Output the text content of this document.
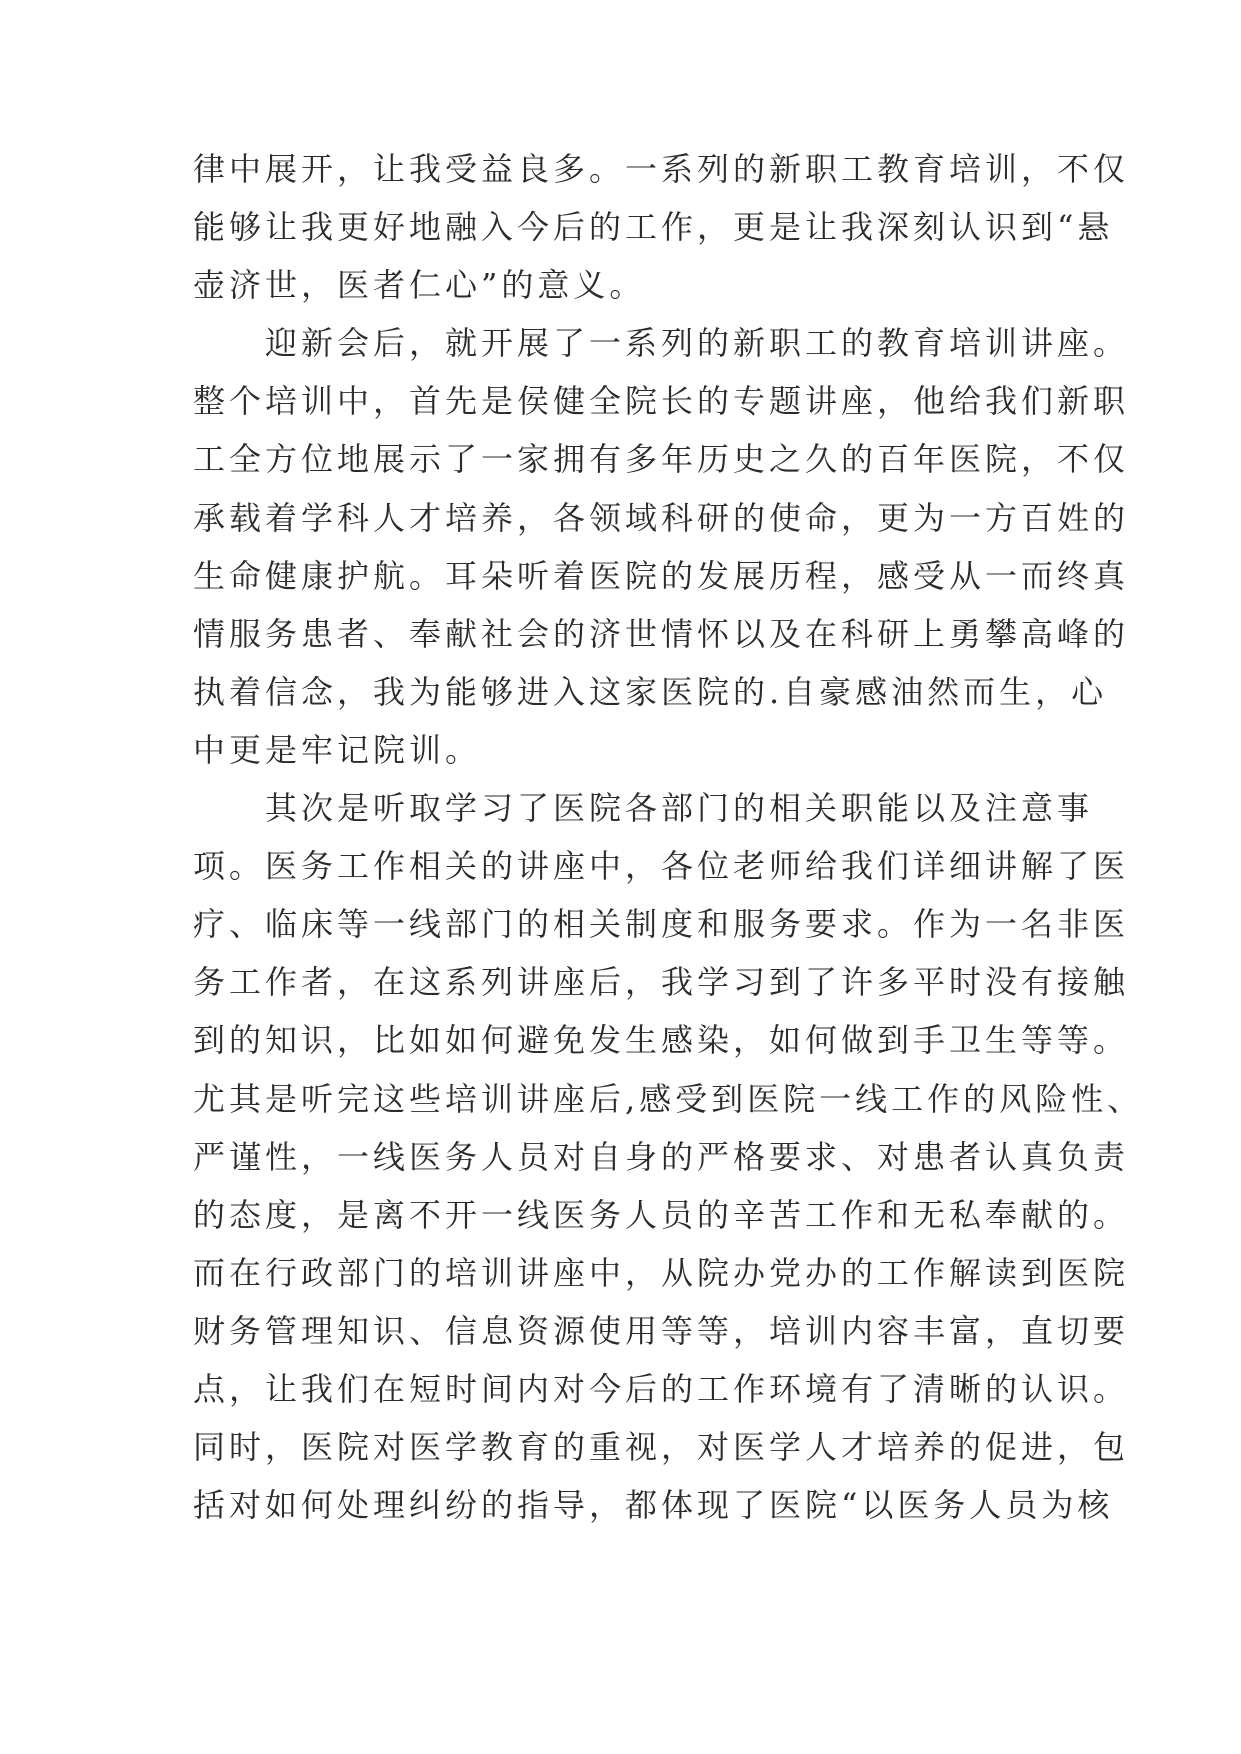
律中展开，让我受益良多。一系列的新职工教育培训，不仅
能够让我更好地融入今后的工作，更是让我深刻认识到“悬
壶济世，医者仁心”的意义。
　　迎新会后，就开展了一系列的新职工的教育培训讲座。
整个培训中，首先是侯健全院长的专题讲座，他给我们新职
工全方位地展示了一家拥有多年历史之久的百年医院，不仅
承载着学科人才培养，各领域科研的使命，更为一方百姓的
生命健康护航。耳朵听着医院的发展历程，感受从一而终真
情服务患者、奉献社会的济世情怀以及在科研上勇攀高峰的
执着信念，我为能够进入这家医院的.自豪感油然而生，心
中更是牢记院训。
　　其次是听取学习了医院各部门的相关职能以及注意事
项。医务工作相关的讲座中，各位老师给我们详细讲解了医
疗、临床等一线部门的相关制度和服务要求。作为一名非医
务工作者，在这系列讲座后，我学习到了许多平时没有接触
到的知识，比如如何避免发生感染，如何做到手卫生等等。
尤其是听完这些培训讲座后,感受到医院一线工作的风险性、
严谨性，一线医务人员对自身的严格要求、对患者认真负责
的态度，是离不开一线医务人员的辛苦工作和无私奉献的。
而在行政部门的培训讲座中，从院办党办的工作解读到医院
财务管理知识、信息资源使用等等，培训内容丰富，直切要
点，让我们在短时间内对今后的工作环境有了清晰的认识。
同时，医院对医学教育的重视，对医学人才培养的促进，包
括对如何处理纠纷的指导，都体现了医院“以医务人员为核
